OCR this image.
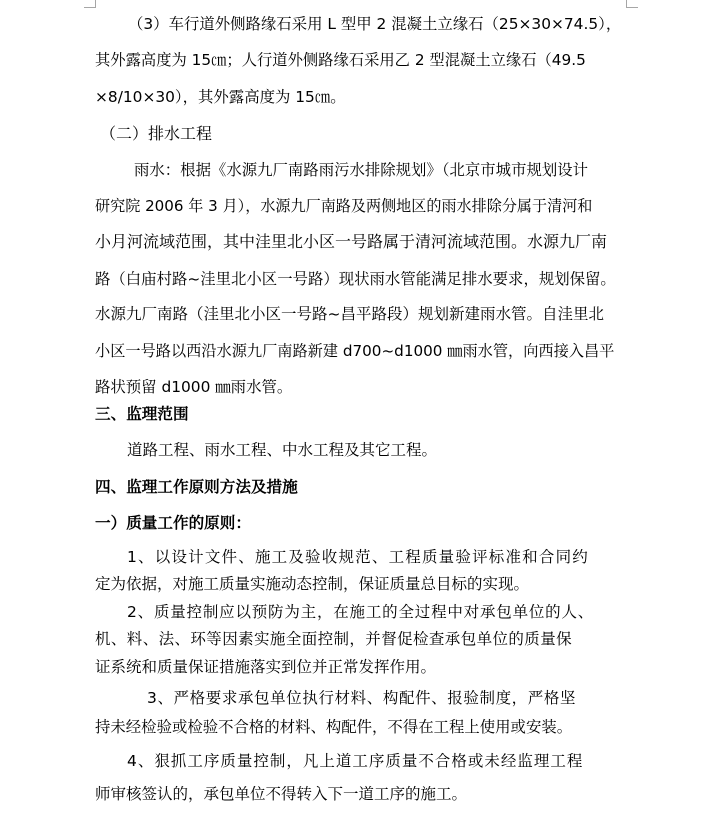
（3）车行道外侧路缘石采用 L 型甲 2 混凝土立缘石（25×30×74.5），
其外露高度为 15㎝；人行道外侧路缘石采用乙 2 型混凝土立缘石（49.5
×8/10×30），其外露高度为 15㎝。
（二）排水工程
雨水：根据《水源九厂南路雨污水排除规划》（北京市城市规划设计
研究院 2006 年 3 月），水源九厂南路及两侧地区的雨水排除分属于清河和
小月河流域范围，其中洼里北小区一号路属于清河流域范围。水源九厂南
路（白庙村路~洼里北小区一号路）现状雨水管能满足排水要求，规划保留。
水源九厂南路（洼里北小区一号路~昌平路段）规划新建雨水管。自洼里北
小区一号路以西沿水源九厂南路新建 d700~d1000 ㎜雨水管，向西接入昌平
路状预留 d1000 ㎜雨水管。
三、监理范围
道路工程、雨水工程、中水工程及其它工程。
四、监理工作原则方法及措施
一）质量工作的原则：
1、以设计文件、施工及验收规范、工程质量验评标准和合同约
定为依据，对施工质量实施动态控制，保证质量总目标的实现。
2、质量控制应以预防为主，在施工的全过程中对承包单位的人、
机、料、法、环等因素实施全面控制，并督促检查承包单位的质量保
证系统和质量保证措施落实到位并正常发挥作用。
3、严格要求承包单位执行材料、构配件、报验制度，严格坚
持未经检验或检验不合格的材料、构配件，不得在工程上使用或安装。
4、狠抓工序质量控制，凡上道工序质量不合格或未经监理工程
师审核签认的，承包单位不得转入下一道工序的施工。
